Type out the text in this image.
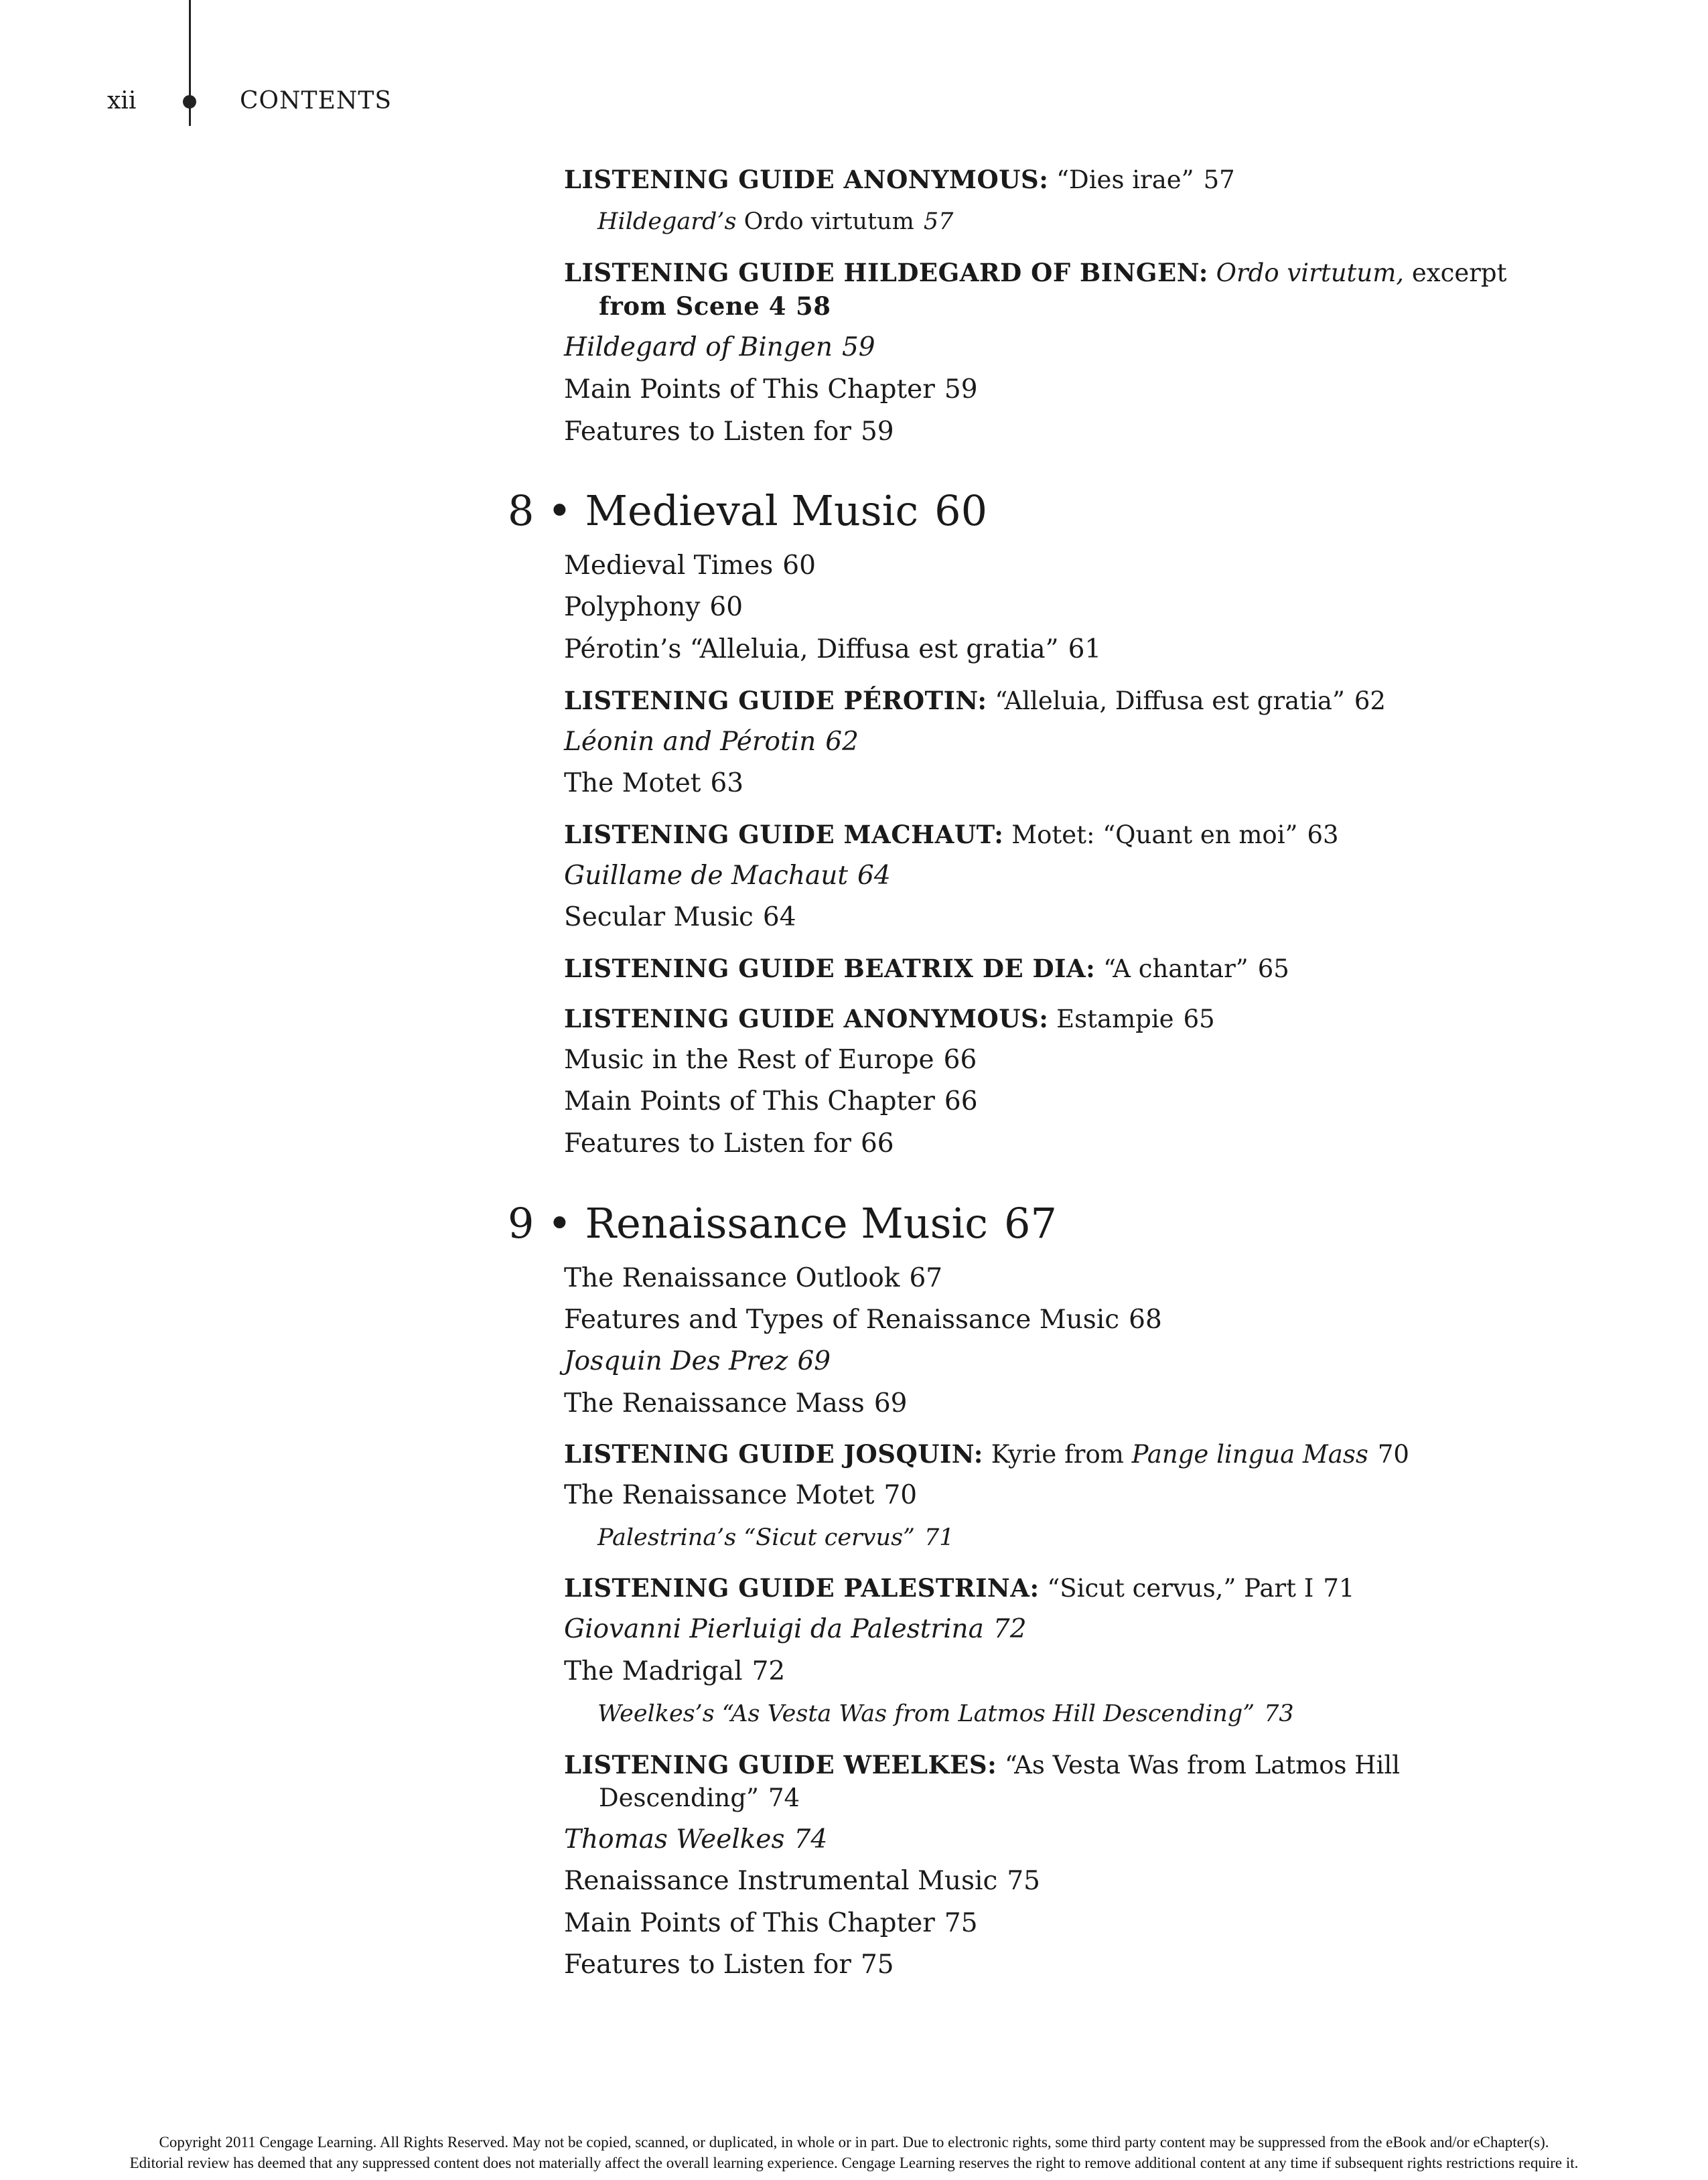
xii	CONTENTS
LISTENING GUIDE ANONYMOUS: “Dies irae” 57
Hildegard’s Ordo virtutum 57
LISTENING GUIDE HILDEGARD OF BINGEN: Ordo virtutum, excerpt
from Scene 4 58
Hildegard of Bingen 59
Main Points of This Chapter 59
Features to Listen for 59
8 • Medieval Music 60
Medieval Times 60
Polyphony 60
Pérotin’s “Alleluia, Diffusa est gratia” 61
LISTENING GUIDE PÉROTIN: “Alleluia, Diffusa est gratia” 62
Léonin and Pérotin 62
The Motet 63
LISTENING GUIDE MACHAUT: Motet: “Quant en moi” 63
Guillame de Machaut 64
Secular Music 64
LISTENING GUIDE BEATRIX DE DIA: “A chantar” 65
LISTENING GUIDE ANONYMOUS: Estampie 65
Music in the Rest of Europe 66
Main Points of This Chapter 66
Features to Listen for 66
9 • Renaissance Music 67
The Renaissance Outlook 67
Features and Types of Renaissance Music 68
Josquin Des Prez 69
The Renaissance Mass 69
LISTENING GUIDE JOSQUIN: Kyrie from Pange lingua Mass 70
The Renaissance Motet 70
Palestrina’s “Sicut cervus” 71
LISTENING GUIDE PALESTRINA: “Sicut cervus,” Part I 71
Giovanni Pierluigi da Palestrina 72
The Madrigal 72
Weelkes’s “As Vesta Was from Latmos Hill Descending” 73
LISTENING GUIDE WEELKES: “As Vesta Was from Latmos Hill
Descending” 74
Thomas Weelkes 74
Renaissance Instrumental Music 75
Main Points of This Chapter 75
Features to Listen for 75
Copyright 2011 Cengage Learning. All Rights Reserved. May not be copied, scanned, or duplicated, in whole or in part. Due to electronic rights, some third party content may be suppressed from the eBook and/or eChapter(s).
Editorial review has deemed that any suppressed content does not materially affect the overall learning experience. Cengage Learning reserves the right to remove additional content at any time if subsequent rights restrictions require it.
